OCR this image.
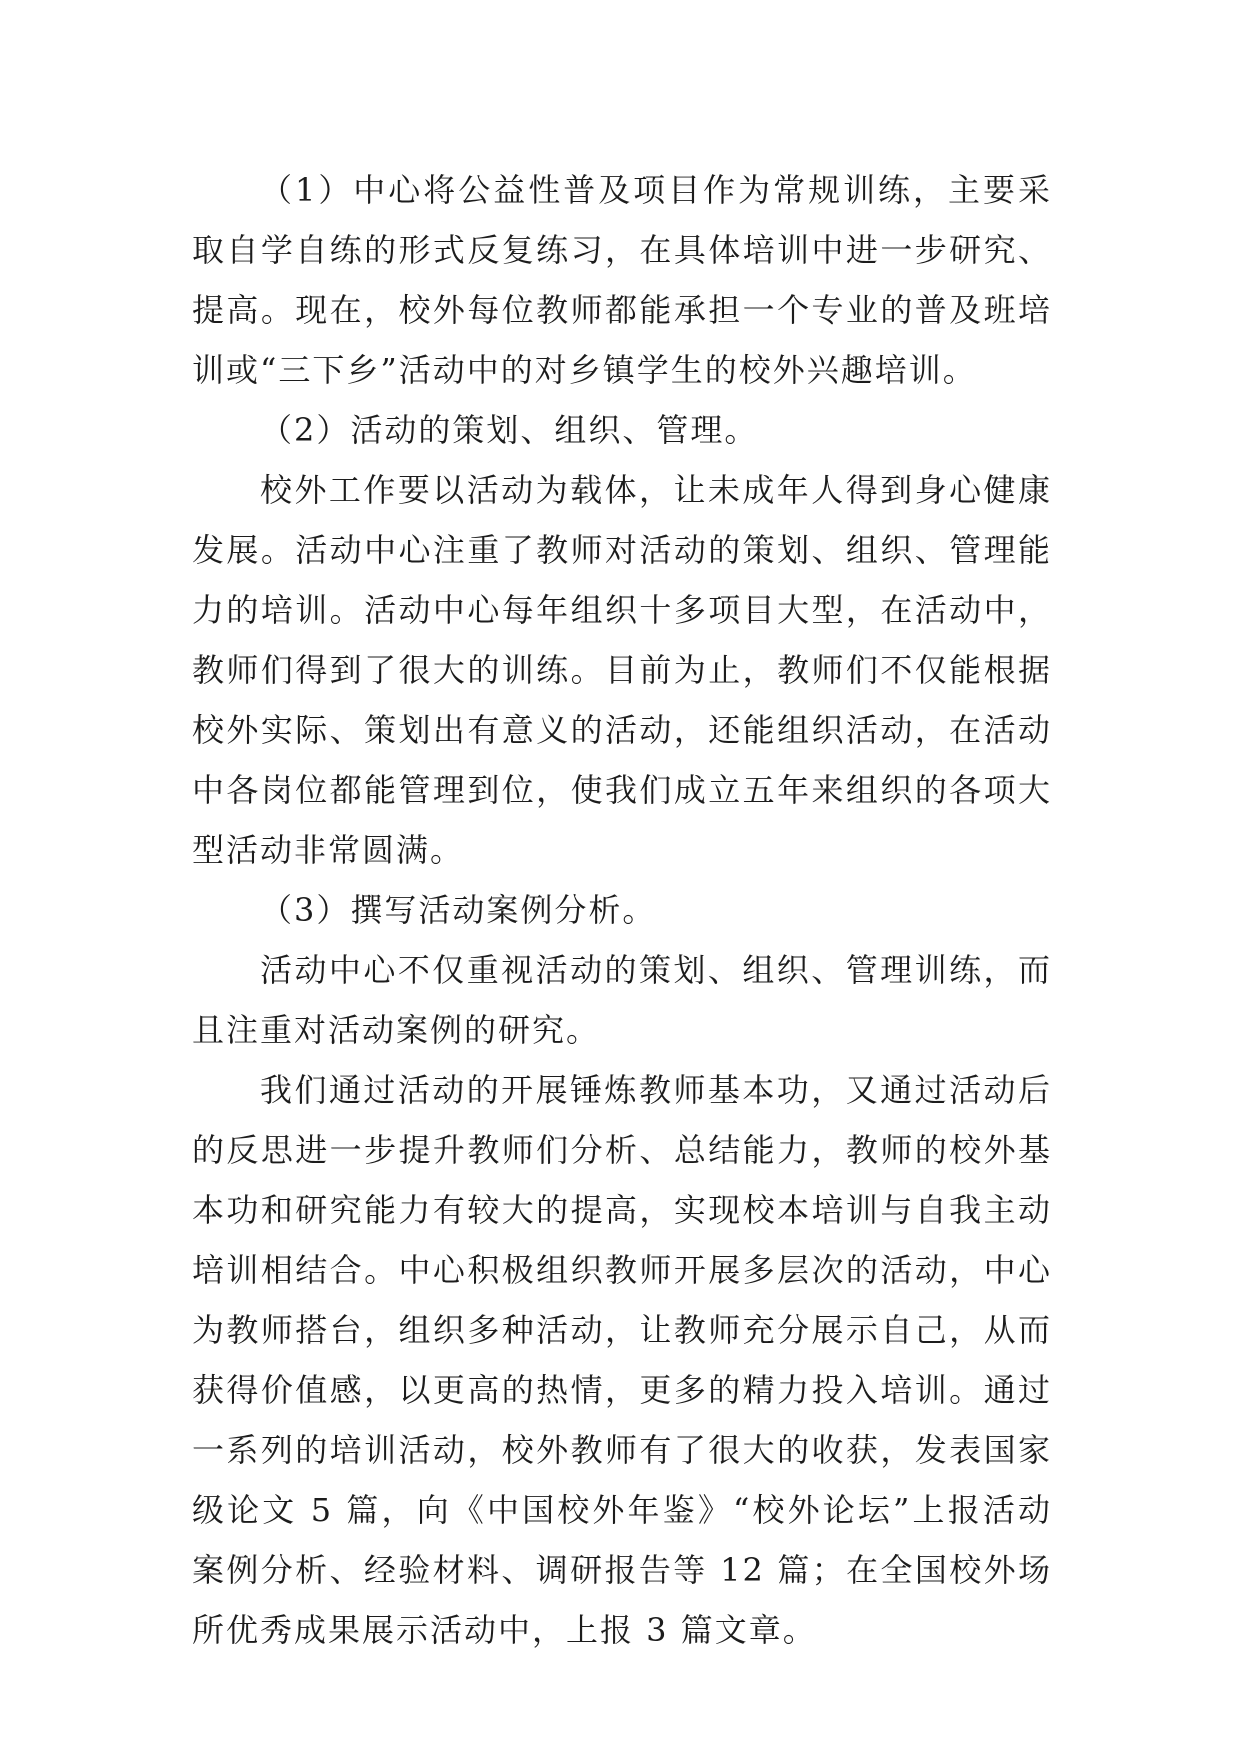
（1）中心将公益性普及项目作为常规训练，主要采取自学自练的形式反复练习，在具体培训中进一步研究、提高。现在，校外每位教师都能承担一个专业的普及班培训或“三下乡”活动中的对乡镇学生的校外兴趣培训。

（2）活动的策划、组织、管理。

校外工作要以活动为载体，让未成年人得到身心健康发展。活动中心注重了教师对活动的策划、组织、管理能力的培训。活动中心每年组织十多项目大型，在活动中，教师们得到了很大的训练。目前为止，教师们不仅能根据校外实际、策划出有意义的活动，还能组织活动，在活动中各岗位都能管理到位，使我们成立五年来组织的各项大型活动非常圆满。

（3）撰写活动案例分析。

活动中心不仅重视活动的策划、组织、管理训练，而且注重对活动案例的研究。

我们通过活动的开展锤炼教师基本功，又通过活动后的反思进一步提升教师们分析、总结能力，教师的校外基本功和研究能力有较大的提高，实现校本培训与自我主动培训相结合。中心积极组织教师开展多层次的活动，中心为教师搭台，组织多种活动，让教师充分展示自己，从而获得价值感，以更高的热情，更多的精力投入培训。通过一系列的培训活动，校外教师有了很大的收获，发表国家级论文 5 篇，向《中国校外年鉴》“校外论坛”上报活动案例分析、经验材料、调研报告等 12 篇；在全国校外场所优秀成果展示活动中，上报 3 篇文章。
